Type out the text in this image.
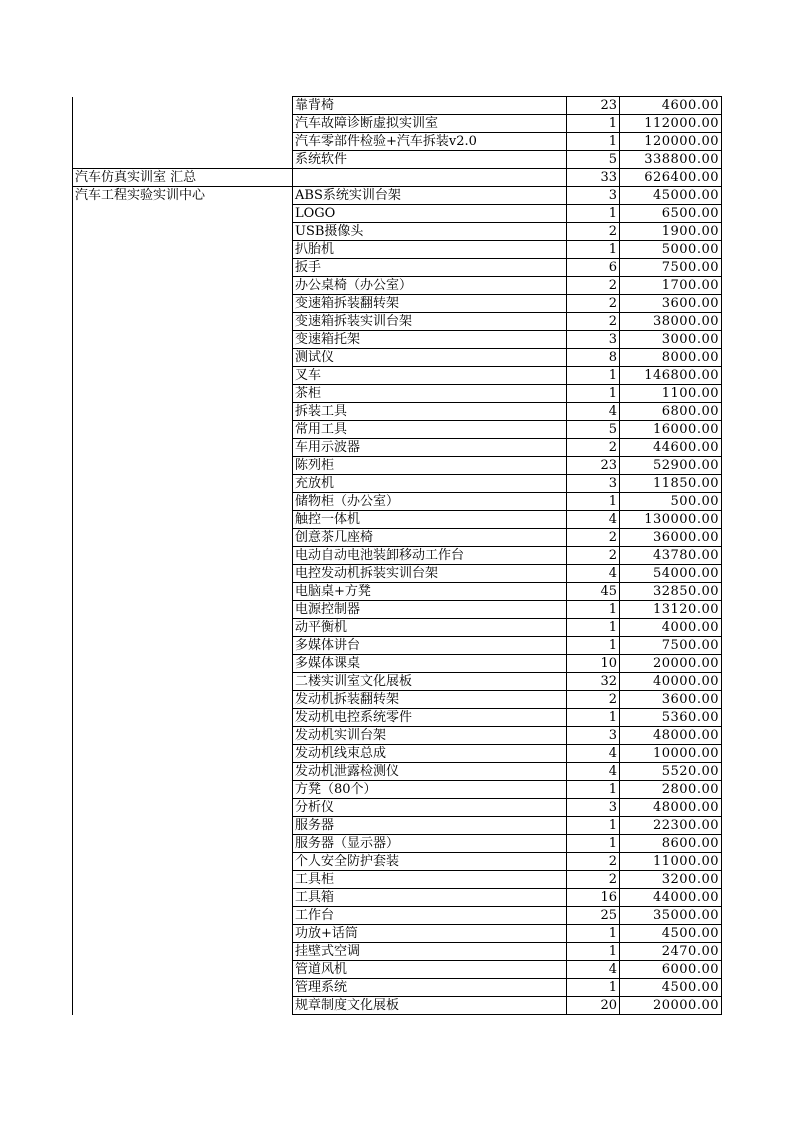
	靠背椅	23	4600.00
	汽车故障诊断虚拟实训室	1	112000.00
	汽车零部件检验+汽车拆装v2.0	1	120000.00
	系统软件	5	338800.00
汽车仿真实训室 汇总		33	626400.00
汽车工程实验实训中心	ABS系统实训台架	3	45000.00
	LOGO	1	6500.00
	USB摄像头	2	1900.00
	扒胎机	1	5000.00
	扳手	6	7500.00
	办公桌椅（办公室）	2	1700.00
	变速箱拆装翻转架	2	3600.00
	变速箱拆装实训台架	2	38000.00
	变速箱托架	3	3000.00
	测试仪	8	8000.00
	叉车	1	146800.00
	茶柜	1	1100.00
	拆装工具	4	6800.00
	常用工具	5	16000.00
	车用示波器	2	44600.00
	陈列柜	23	52900.00
	充放机	3	11850.00
	储物柜（办公室）	1	500.00
	触控一体机	4	130000.00
	创意茶几座椅	2	36000.00
	电动自动电池装卸移动工作台	2	43780.00
	电控发动机拆装实训台架	4	54000.00
	电脑桌+方凳	45	32850.00
	电源控制器	1	13120.00
	动平衡机	1	4000.00
	多媒体讲台	1	7500.00
	多媒体课桌	10	20000.00
	二楼实训室文化展板	32	40000.00
	发动机拆装翻转架	2	3600.00
	发动机电控系统零件	1	5360.00
	发动机实训台架	3	48000.00
	发动机线束总成	4	10000.00
	发动机泄露检测仪	4	5520.00
	方凳（80个）	1	2800.00
	分析仪	3	48000.00
	服务器	1	22300.00
	服务器（显示器）	1	8600.00
	个人安全防护套装	2	11000.00
	工具柜	2	3200.00
	工具箱	16	44000.00
	工作台	25	35000.00
	功放+话筒	1	4500.00
	挂壁式空调	1	2470.00
	管道风机	4	6000.00
	管理系统	1	4500.00
	规章制度文化展板	20	20000.00
